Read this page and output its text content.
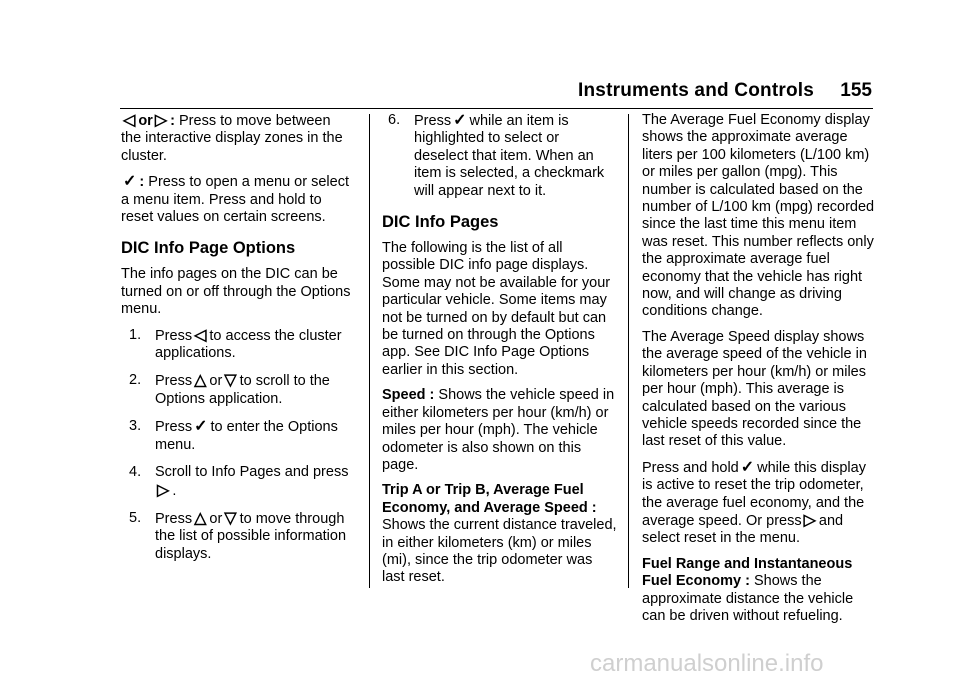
Instruments and Controls 155

◁ or ▷ : Press to move between the interactive display zones in the cluster.

✓ : Press to open a menu or select a menu item. Press and hold to reset values on certain screens.

DIC Info Page Options

The info pages on the DIC can be turned on or off through the Options menu.

1. Press ◁ to access the cluster applications.
2. Press △ or ▽ to scroll to the Options application.
3. Press ✓ to enter the Options menu.
4. Scroll to Info Pages and press▷ .
5. Press △ or ▽ to move through the list of possible information displays.
6. Press ✓ while an item is highlighted to select or deselect that item. When an item is selected, a checkmark will appear next to it.
DIC Info Pages

The following is the list of all possible DIC info page displays. Some may not be available for your particular vehicle. Some items may not be turned on by default but can be turned on through the Options app. See DIC Info Page Options earlier in this section.

Speed : Shows the vehicle speed in either kilometers per hour (km/h) or miles per hour (mph). The vehicle odometer is also shown on this page.

Trip A or Trip B, Average Fuel Economy, and Average Speed : Shows the current distance traveled, in either kilometers (km) or miles (mi), since the trip odometer was last reset.

The Average Fuel Economy display shows the approximate average liters per 100 kilometers (L/100 km) or miles per gallon (mpg). This number is calculated based on the number of L/100 km (mpg) recorded since the last time this menu item was reset. This number reflects only the approximate average fuel economy that the vehicle has right now, and will change as driving conditions change.

The Average Speed display shows the average speed of the vehicle in kilometers per hour (km/h) or miles per hour (mph). This average is calculated based on the various vehicle speeds recorded since the last reset of this value.

Press and hold ✓ while this display is active to reset the trip odometer, the average fuel economy, and the average speed. Or press ▷ and select reset in the menu.

Fuel Range and Instantaneous Fuel Economy : Shows the approximate distance the vehicle can be driven without refueling.

carmanualsonline.info
